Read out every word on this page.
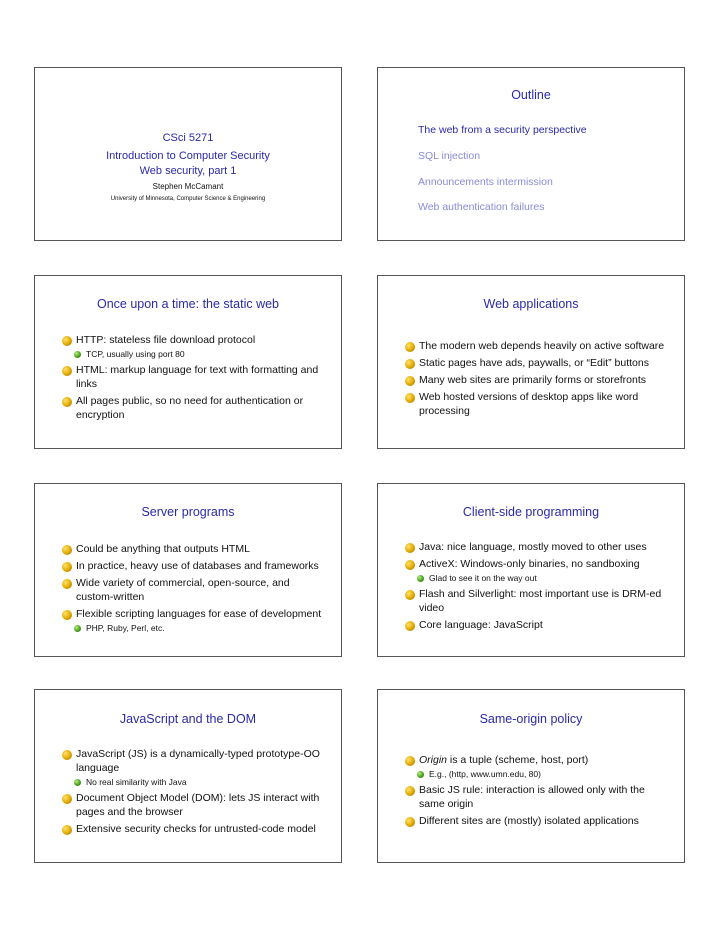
CSci 5271
Introduction to Computer Security
Web security, part 1
Stephen McCamant
University of Minnesota, Computer Science & Engineering
Outline
The web from a security perspective
SQL injection
Announcements intermission
Web authentication failures
Once upon a time: the static web
HTTP: stateless file download protocol
TCP, usually using port 80
HTML: markup language for text with formatting and links
All pages public, so no need for authentication or encryption
Web applications
The modern web depends heavily on active software
Static pages have ads, paywalls, or “Edit” buttons
Many web sites are primarily forms or storefronts
Web hosted versions of desktop apps like word processing
Server programs
Could be anything that outputs HTML
In practice, heavy use of databases and frameworks
Wide variety of commercial, open-source, and custom-written
Flexible scripting languages for ease of development
PHP, Ruby, Perl, etc.
Client-side programming
Java: nice language, mostly moved to other uses
ActiveX: Windows-only binaries, no sandboxing
Glad to see it on the way out
Flash and Silverlight: most important use is DRM-ed video
Core language: JavaScript
JavaScript and the DOM
JavaScript (JS) is a dynamically-typed prototype-OO language
No real similarity with Java
Document Object Model (DOM): lets JS interact with pages and the browser
Extensive security checks for untrusted-code model
Same-origin policy
Origin is a tuple (scheme, host, port)
E.g., (http, www.umn.edu, 80)
Basic JS rule: interaction is allowed only with the same origin
Different sites are (mostly) isolated applications
